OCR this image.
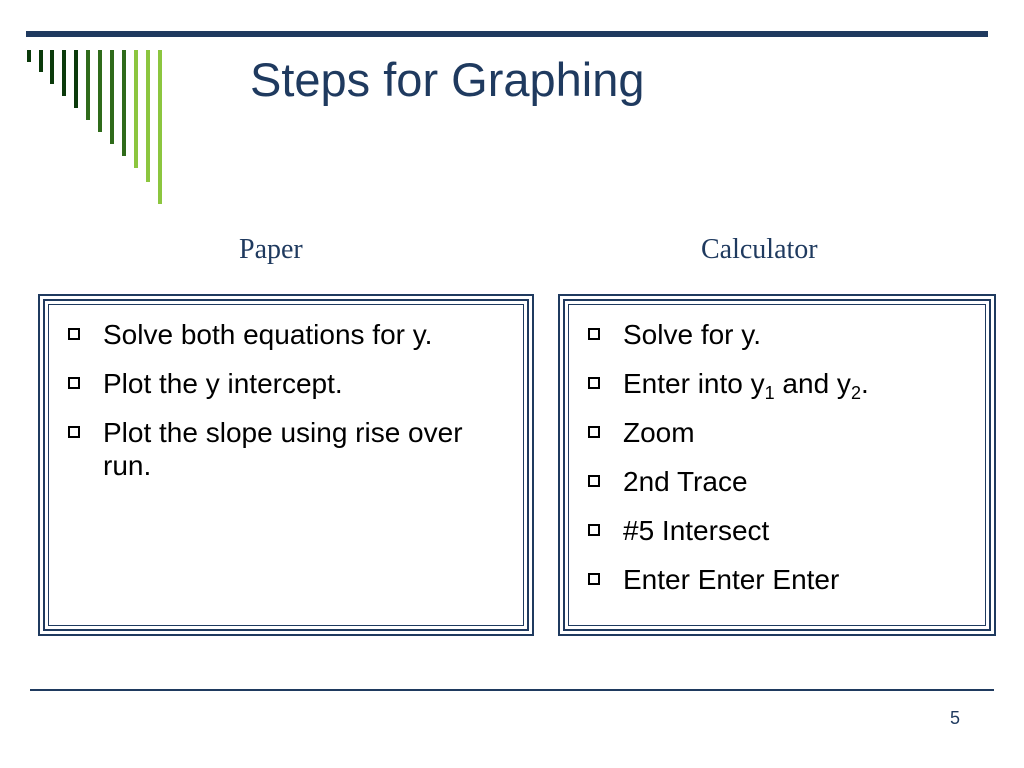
Steps for Graphing
Paper	Calculator
Solve both equations for y.
Plot the y intercept.
Plot the slope using rise over run.
Solve for y.
Enter into $y_1$ and $y_2$.
Zoom
2nd Trace
#5 Intersect
Enter Enter Enter
5
